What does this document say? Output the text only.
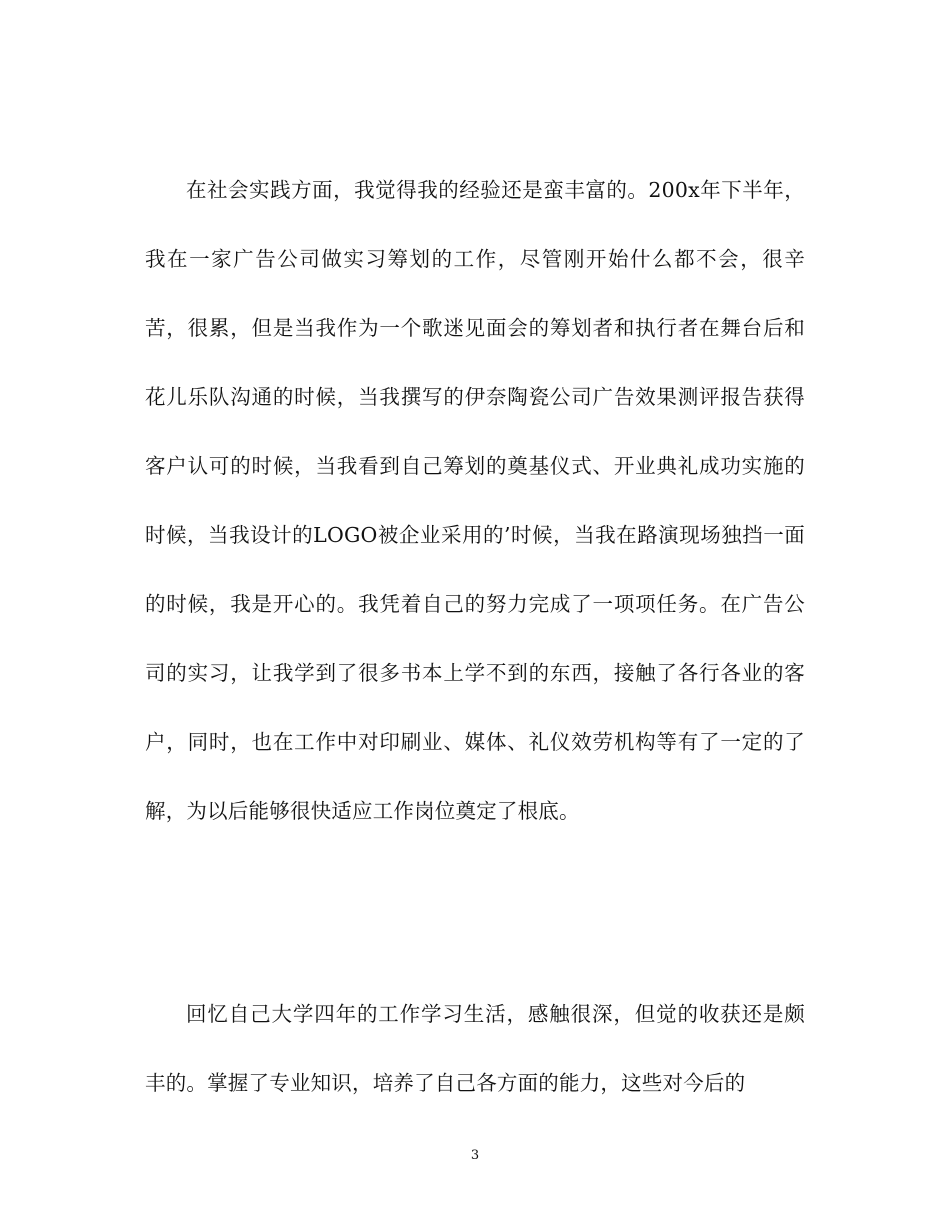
在社会实践方面，我觉得我的经验还是蛮丰富的。200x年下半年，我在一家广告公司做实习筹划的工作，尽管刚开始什么都不会，很辛苦，很累，但是当我作为一个歌迷见面会的筹划者和执行者在舞台后和花儿乐队沟通的时候，当我撰写的伊奈陶瓷公司广告效果测评报告获得客户认可的时候，当我看到自己筹划的奠基仪式、开业典礼成功实施的时候，当我设计的LOGO被企业采用的’时候，当我在路演现场独挡一面的时候，我是开心的。我凭着自己的努力完成了一项项任务。在广告公司的实习，让我学到了很多书本上学不到的东西，接触了各行各业的客户，同时，也在工作中对印刷业、媒体、礼仪效劳机构等有了一定的了解，为以后能够很快适应工作岗位奠定了根底。

回忆自己大学四年的工作学习生活，感触很深，但觉的收获还是颇丰的。掌握了专业知识，培养了自己各方面的能力，这些对今后的

3
